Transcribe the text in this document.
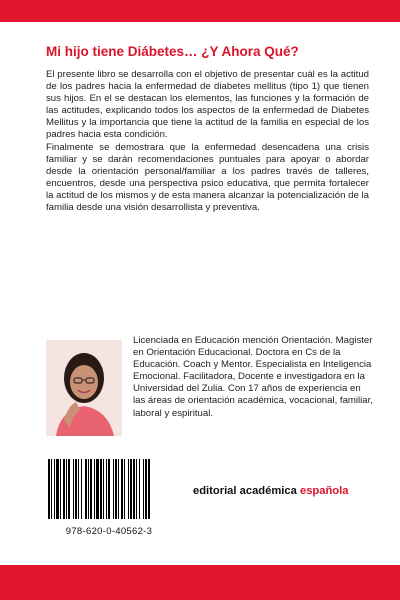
Mi hijo tiene Diábetes… ¿Y Ahora Qué?

El presente libro se desarrolla con el objetivo de presentar cuál es la actitud de los padres hacia la enfermedad de diabetes mellitus (tipo 1) que tienen sus hijos. En el se destacan los elementos, las funciones y la formación de las actitudes, explicando todos los aspectos de la enfermedad de Diabetes Mellitus y la importancia que tiene la actitud de la familia en especial de los padres hacia esta condición.

Finalmente se demostrara que la enfermedad desencadena una crisis familiar y se darán recomendaciones puntuales para apoyar o abordar desde la orientación personal/familiar a los padres través de talleres, encuentros, desde una perspectiva psico educativa, que permita fortalecer la actitud de los mismos y de esta manera alcanzar la potencialización de la familia desde una visión desarrollista y preventiva.

Licenciada en Educación mención Orientación. Magister en Orientación Educacional. Doctora en Cs de la Educación. Coach y Mentor. Especialista en Inteligencia Emocional. Facilitadora, Docente e investigadora en la Universidad del Zulia. Con 17 años de experiencia en las áreas de orientación académica, vocacional, familiar, laboral y espiritual.
978-620-0-40562-3
editorial académica española
